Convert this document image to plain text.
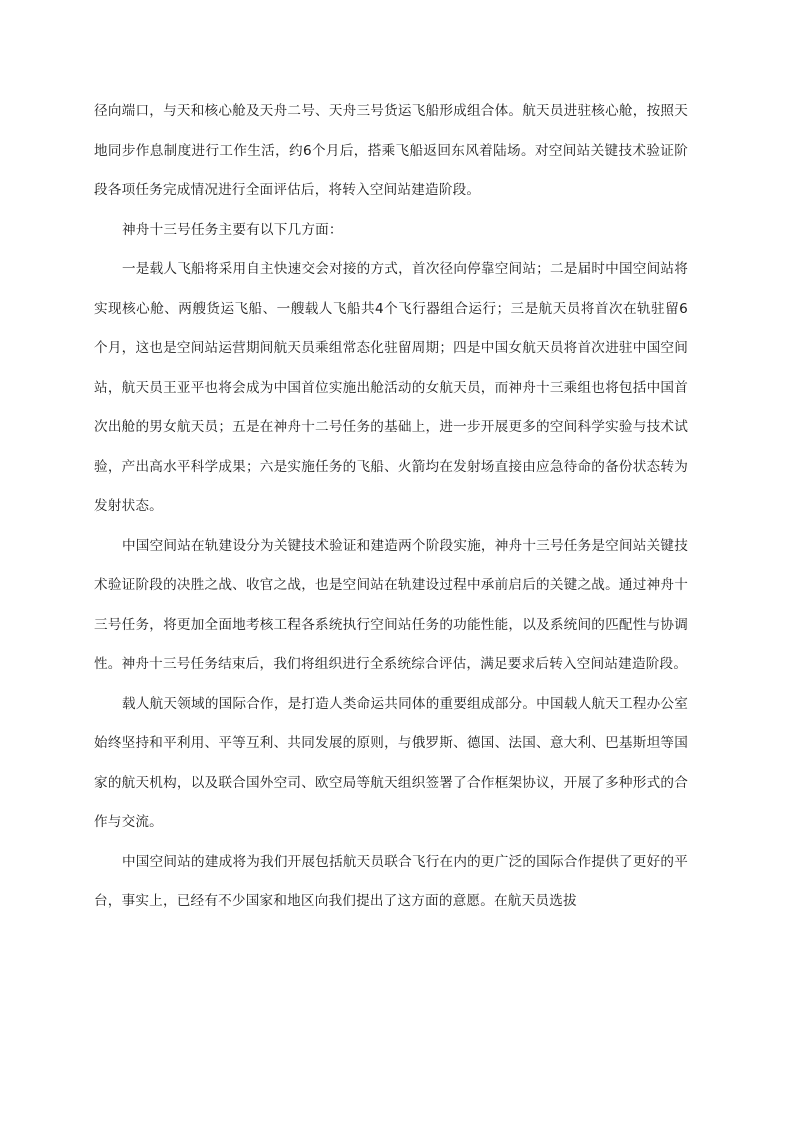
径向端口，与天和核心舱及天舟二号、天舟三号货运飞船形成组合体。航天员进驻核心舱，按照天地同步作息制度进行工作生活，约6个月后，搭乘飞船返回东风着陆场。对空间站关键技术验证阶段各项任务完成情况进行全面评估后，将转入空间站建造阶段。

神舟十三号任务主要有以下几方面：

一是载人飞船将采用自主快速交会对接的方式，首次径向停靠空间站；二是届时中国空间站将实现核心舱、两艘货运飞船、一艘载人飞船共4个飞行器组合运行；三是航天员将首次在轨驻留6个月，这也是空间站运营期间航天员乘组常态化驻留周期；四是中国女航天员将首次进驻中国空间站，航天员王亚平也将会成为中国首位实施出舱活动的女航天员，而神舟十三乘组也将包括中国首次出舱的男女航天员；五是在神舟十二号任务的基础上，进一步开展更多的空间科学实验与技术试验，产出高水平科学成果；六是实施任务的飞船、火箭均在发射场直接由应急待命的备份状态转为发射状态。

中国空间站在轨建设分为关键技术验证和建造两个阶段实施，神舟十三号任务是空间站关键技术验证阶段的决胜之战、收官之战，也是空间站在轨建设过程中承前启后的关键之战。通过神舟十三号任务，将更加全面地考核工程各系统执行空间站任务的功能性能，以及系统间的匹配性与协调性。神舟十三号任务结束后，我们将组织进行全系统综合评估，满足要求后转入空间站建造阶段。

载人航天领域的国际合作，是打造人类命运共同体的重要组成部分。中国载人航天工程办公室始终坚持和平利用、平等互利、共同发展的原则，与俄罗斯、德国、法国、意大利、巴基斯坦等国家的航天机构，以及联合国外空司、欧空局等航天组织签署了合作框架协议，开展了多种形式的合作与交流。

中国空间站的建成将为我们开展包括航天员联合飞行在内的更广泛的国际合作提供了更好的平台，事实上，已经有不少国家和地区向我们提出了这方面的意愿。在航天员选拔
